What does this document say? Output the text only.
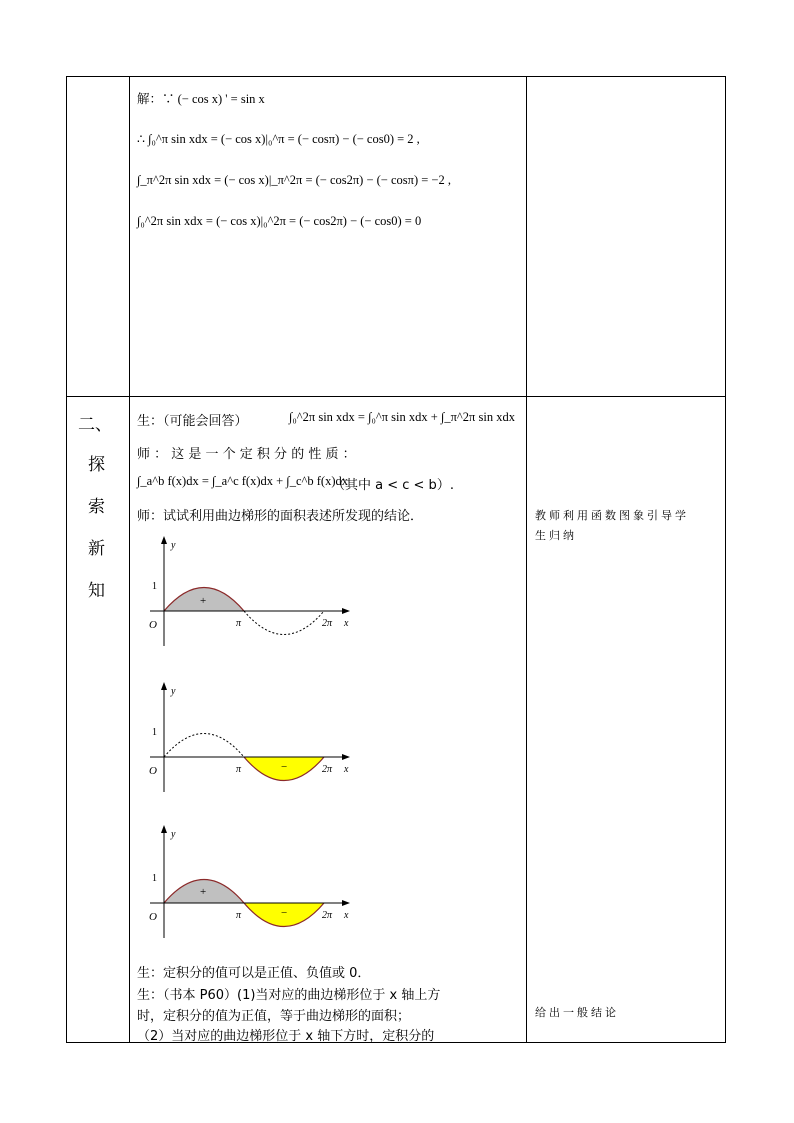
解：∵ (− cos x) ' = sin x
∴ ∫₀^π sin xdx = (− cos x)|₀^π = (− cosπ) − (− cos0) = 2 ,
∫_π^2π sin xdx = (− cos x)|_π^2π = (− cos2π) − (− cosπ) = −2 ,
∫₀^2π sin xdx = (− cos x)|₀^2π = (− cos2π) − (− cos0) = 0
二、
探
索
新
知
生：（可能会回答）	∫₀^2π sin xdx = ∫₀^π sin xdx + ∫_π^2π sin xdx
师 ： 这 是 一 个 定 积 分 的 性 质 ：
∫_a^b f(x)dx = ∫_a^c f(x)dx + ∫_c^b f(x)dx
（其中 a < c < b）.
师：试试利用曲边梯形的面积表述所发现的结论．
y
x
O
1
π	2π
+
y
x
O
1
π	2π
−
y
x
O
1
π	2π
+
−
生：定积分的值可以是正值、负值或 0．
生：（书本 P60）(1)当对应的曲边梯形位于 x 轴上方
时，定积分的值为正值，等于曲边梯形的面积；
（2）当对应的曲边梯形位于 x 轴下方时，定积分的
教师利用函数图象引导学
生归纳
给出一般结论
